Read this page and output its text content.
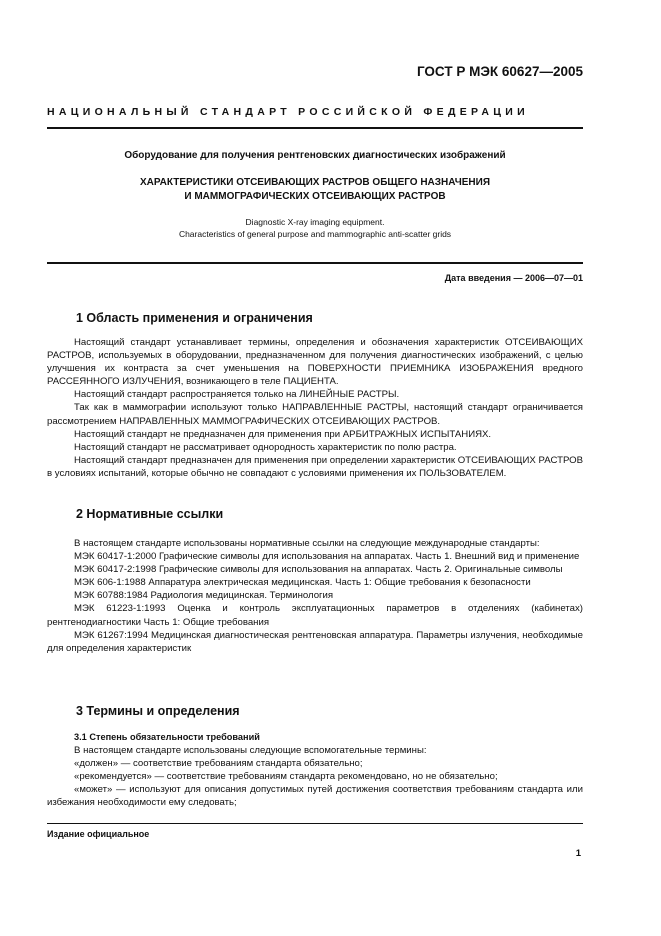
ГОСТ Р МЭК 60627—2005
НАЦИОНАЛЬНЫЙ СТАНДАРТ РОССИЙСКОЙ ФЕДЕРАЦИИ
Оборудование для получения рентгеновских диагностических изображений
ХАРАКТЕРИСТИКИ ОТСЕИВАЮЩИХ РАСТРОВ ОБЩЕГО НАЗНАЧЕНИЯ
И МАММОГРАФИЧЕСКИХ ОТСЕИВАЮЩИХ РАСТРОВ
Diagnostic X-ray imaging equipment.
Characteristics of general purpose and mammographic anti-scatter grids
Дата введения — 2006—07—01
1 Область применения и ограничения

Настоящий стандарт устанавливает термины, определения и обозначения характеристик ОТСЕИВАЮЩИХ РАСТРОВ, используемых в оборудовании, предназначенном для получения диагностических изображений, с целью улучшения их контраста за счет уменьшения на ПОВЕРХНОСТИ ПРИЕМНИКА ИЗОБРАЖЕНИЯ вредного РАССЕЯННОГО ИЗЛУЧЕНИЯ, возникающего в теле ПАЦИЕНТА.

Настоящий стандарт распространяется только на ЛИНЕЙНЫЕ РАСТРЫ.

Так как в маммографии используют только НАПРАВЛЕННЫЕ РАСТРЫ, настоящий стандарт ограничивается рассмотрением НАПРАВЛЕННЫХ МАММОГРАФИЧЕСКИХ ОТСЕИВАЮЩИХ РАСТРОВ.

Настоящий стандарт не предназначен для применения при АРБИТРАЖНЫХ ИСПЫТАНИЯХ.

Настоящий стандарт не рассматривает однородность характеристик по полю растра.

Настоящий стандарт предназначен для применения при определении характеристик ОТСЕИВАЮЩИХ РАСТРОВ в условиях испытаний, которые обычно не совпадают с условиями применения их ПОЛЬЗОВАТЕЛЕМ.

2 Нормативные ссылки

В настоящем стандарте использованы нормативные ссылки на следующие международные стандарты:

МЭК 60417-1:2000 Графические символы для использования на аппаратах. Часть 1. Внешний вид и применение

МЭК 60417-2:1998 Графические символы для использования на аппаратах. Часть 2. Оригинальные символы

МЭК 606-1:1988 Аппаратура электрическая медицинская. Часть 1: Общие требования к безопасности

МЭК 60788:1984 Радиология медицинская. Терминология

МЭК 61223-1:1993 Оценка и контроль эксплуатационных параметров в отделениях (кабинетах) рентгенодиагностики Часть 1: Общие требования

МЭК 61267:1994 Медицинская диагностическая рентгеновская аппаратура. Параметры излучения, необходимые для определения характеристик

3 Термины и определения

3.1 Степень обязательности требований

В настоящем стандарте использованы следующие вспомогательные термины:

«должен» — соответствие требованиям стандарта обязательно;

«рекомендуется» — соответствие требованиям стандарта рекомендовано, но не обязательно;

«может» — используют для описания допустимых путей достижения соответствия требованиям стандарта или избежания необходимости ему следовать;

Издание официальное
1
